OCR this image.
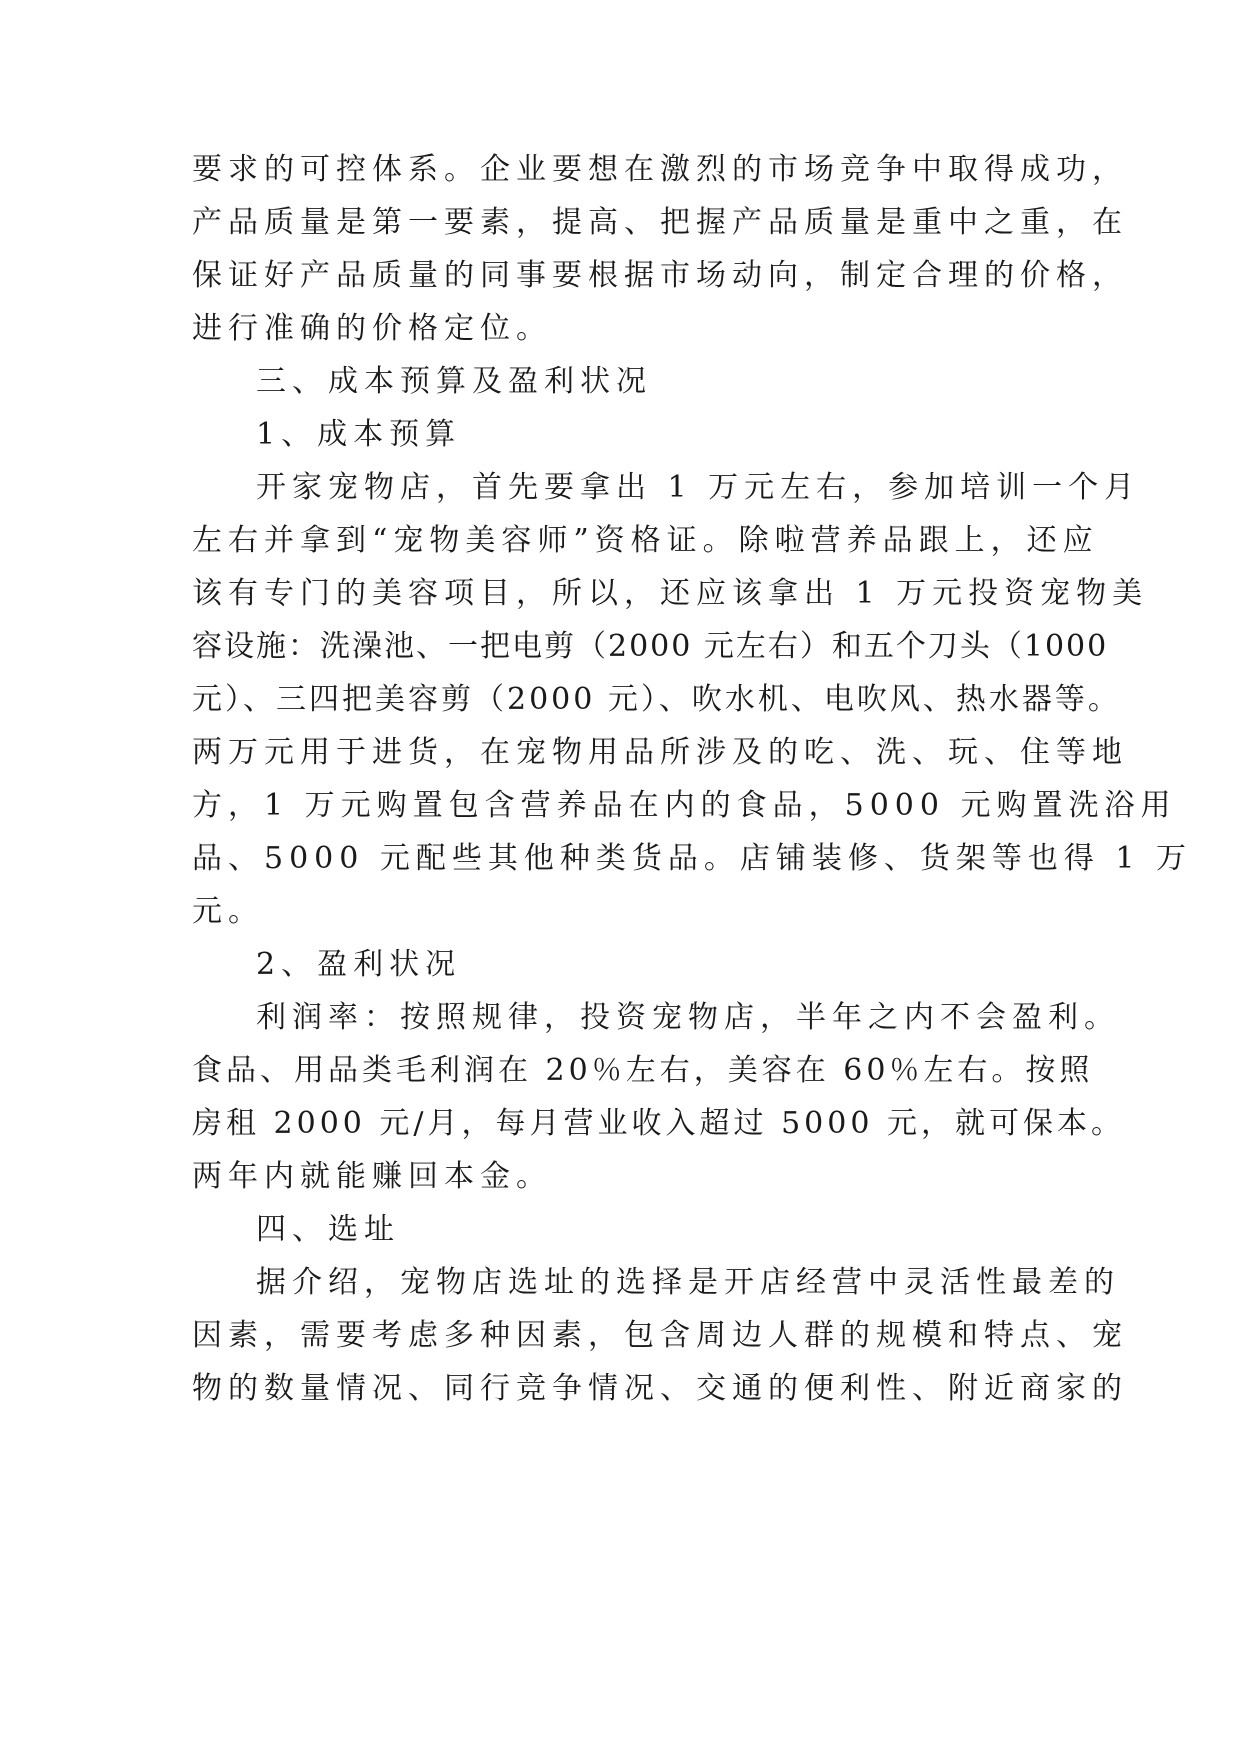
要求的可控体系。企业要想在激烈的市场竞争中取得成功，
产品质量是第一要素，提高、把握产品质量是重中之重，在
保证好产品质量的同事要根据市场动向，制定合理的价格，
进行准确的价格定位。
三、成本预算及盈利状况
1、成本预算
开家宠物店，首先要拿出 1 万元左右，参加培训一个月
左右并拿到“宠物美容师”资格证。除啦营养品跟上，还应
该有专门的美容项目，所以，还应该拿出 1 万元投资宠物美
容设施：洗澡池、一把电剪（2000 元左右）和五个刀头（1000
元）、三四把美容剪（2000 元）、吹水机、电吹风、热水器等。
两万元用于进货，在宠物用品所涉及的吃、洗、玩、住等地
方，1 万元购置包含营养品在内的食品，5000 元购置洗浴用
品、5000 元配些其他种类货品。店铺装修、货架等也得 1 万
元。
2、盈利状况
利润率：按照规律，投资宠物店，半年之内不会盈利。
食品、用品类毛利润在 20％左右，美容在 60％左右。按照
房租 2000 元/月，每月营业收入超过 5000 元，就可保本。
两年内就能赚回本金。
四、选址
据介绍，宠物店选址的选择是开店经营中灵活性最差的
因素，需要考虑多种因素，包含周边人群的规模和特点、宠
物的数量情况、同行竞争情况、交通的便利性、附近商家的
